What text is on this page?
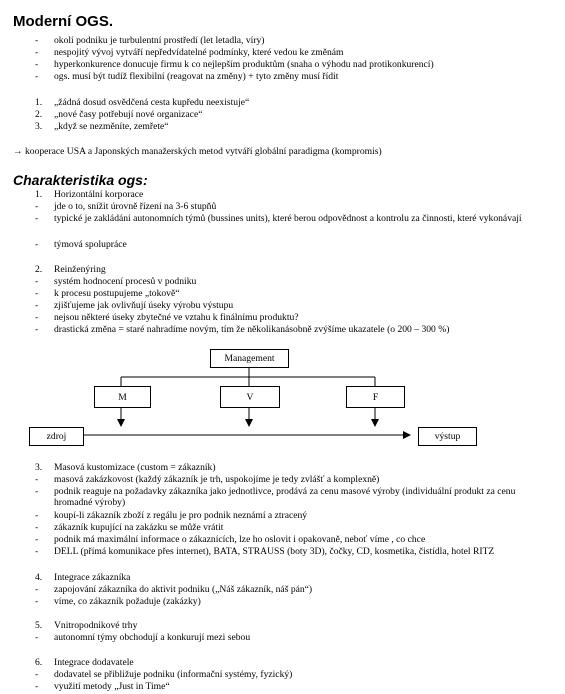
Moderní OGS.
- okolí podniku je turbulentní prostředí (let letadla, víry)
- nespojitý vývoj vytváří nepředvídatelné podmínky, které vedou ke změnám
- hyperkonkurence donucuje firmu k co nejlepším produktům (snaha o výhodu nad protikonkurencí)
- ogs. musí být tudíž flexibilní (reagovat na změny) + tyto změny musí řídit
1. „žádná dosud osvědčená cesta kupředu neexistuje“
2. „nové časy potřebují nové organizace“
3. „když se nezměníte, zemřete“
→ kooperace USA a Japonských manažerských metod vytváří globální paradigma (kompromis)
Charakteristika ogs:
1. Horizontální korporace
- jde o to, snížit úrovně řízení na 3-6 stupňů
- typické je zakládání autonomních týmů (bussines units), které berou odpovědnost a kontrolu za činnosti, které vykonávají
- týmová spolupráce
2. Reinženýring
- systém hodnocení procesů v podniku
- k procesu postupujeme „tokově“
- zjišťujeme jak ovlivňují úseky výrobu výstupu
- nejsou některé úseky zbytečné ve vztahu k finálnímu produktu?
- drastická změna = staré nahradíme novým, tím že několikanásobně zvýšíme ukazatele (o 200 – 300 %)
Management
M	V	F
zdroj	výstup
3. Masová kustomizace (custom = zákazník)
- masová zakázkovost (každý zákazník je trh, uspokojíme je tedy zvlášť a komplexně)
- podnik reaguje na požadavky zákazníka jako jednotlivce, prodává za cenu masové výroby (individuální produkt za cenu hromadné výroby)
- koupí-li zákazník zboží z regálu je pro podnik neznámí a ztracený
- zákazník kupující na zakázku se může vrátit
- podnik má maximální informace o zákaznících, lze ho oslovit i opakovaně, neboť víme , co chce
- DELL (přímá komunikace přes internet), BATA, STRAUSS (boty 3D), čočky, CD, kosmetika, čistídla, hotel RITZ
4. Integrace zákazníka
- zapojování zákazníka do aktivit podniku („Náš zákazník, náš pán“)
- víme, co zákazník požaduje (zakázky)
5. Vnitropodnikové trhy
- autonomní týmy obchodují a konkurují mezi sebou
6. Integrace dodavatele
- dodavatel se přibližuje podniku (informační systémy, fyzický)
- využití metody „Just in Time“
